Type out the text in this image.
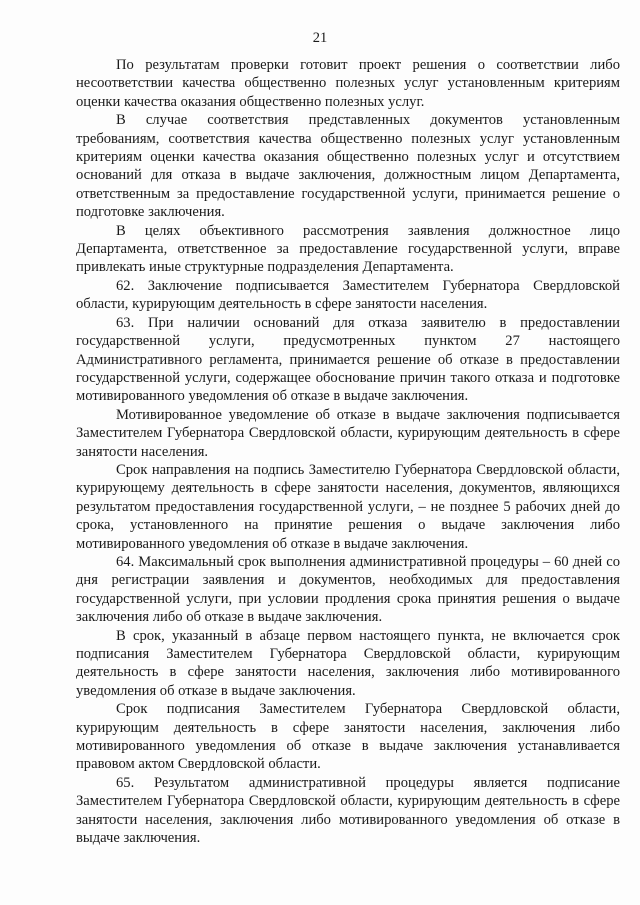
21

По результатам проверки готовит проект решения о соответствии либо несоответствии качества общественно полезных услуг установленным критериям оценки качества оказания общественно полезных услуг.

В случае соответствия представленных документов установленным требованиям, соответствия качества общественно полезных услуг установленным критериям оценки качества оказания общественно полезных услуг и отсутствием оснований для отказа в выдаче заключения, должностным лицом Департамента, ответственным за предоставление государственной услуги, принимается решение о подготовке заключения.

В целях объективного рассмотрения заявления должностное лицо Департамента, ответственное за предоставление государственной услуги, вправе привлекать иные структурные подразделения Департамента.

62. Заключение подписывается Заместителем Губернатора Свердловской области, курирующим деятельность в сфере занятости населения.

63. При наличии оснований для отказа заявителю в предоставлении государственной услуги, предусмотренных пунктом 27 настоящего Административного регламента, принимается решение об отказе в предоставлении государственной услуги, содержащее обоснование причин такого отказа и подготовке мотивированного уведомления об отказе в выдаче заключения.

Мотивированное уведомление об отказе в выдаче заключения подписывается Заместителем Губернатора Свердловской области, курирующим деятельность в сфере занятости населения.

Срок направления на подпись Заместителю Губернатора Свердловской области, курирующему деятельность в сфере занятости населения, документов, являющихся результатом предоставления государственной услуги, – не позднее 5 рабочих дней до срока, установленного на принятие решения о выдаче заключения либо мотивированного уведомления об отказе в выдаче заключения.

64. Максимальный срок выполнения административной процедуры – 60 дней со дня регистрации заявления и документов, необходимых для предоставления государственной услуги, при условии продления срока принятия решения о выдаче заключения либо об отказе в выдаче заключения.

В срок, указанный в абзаце первом настоящего пункта, не включается срок подписания Заместителем Губернатора Свердловской области, курирующим деятельность в сфере занятости населения, заключения либо мотивированного уведомления об отказе в выдаче заключения.

Срок подписания Заместителем Губернатора Свердловской области, курирующим деятельность в сфере занятости населения, заключения либо мотивированного уведомления об отказе в выдаче заключения устанавливается правовом актом Свердловской области.

65. Результатом административной процедуры является подписание Заместителем Губернатора Свердловской области, курирующим деятельность в сфере занятости населения, заключения либо мотивированного уведомления об отказе в выдаче заключения.
